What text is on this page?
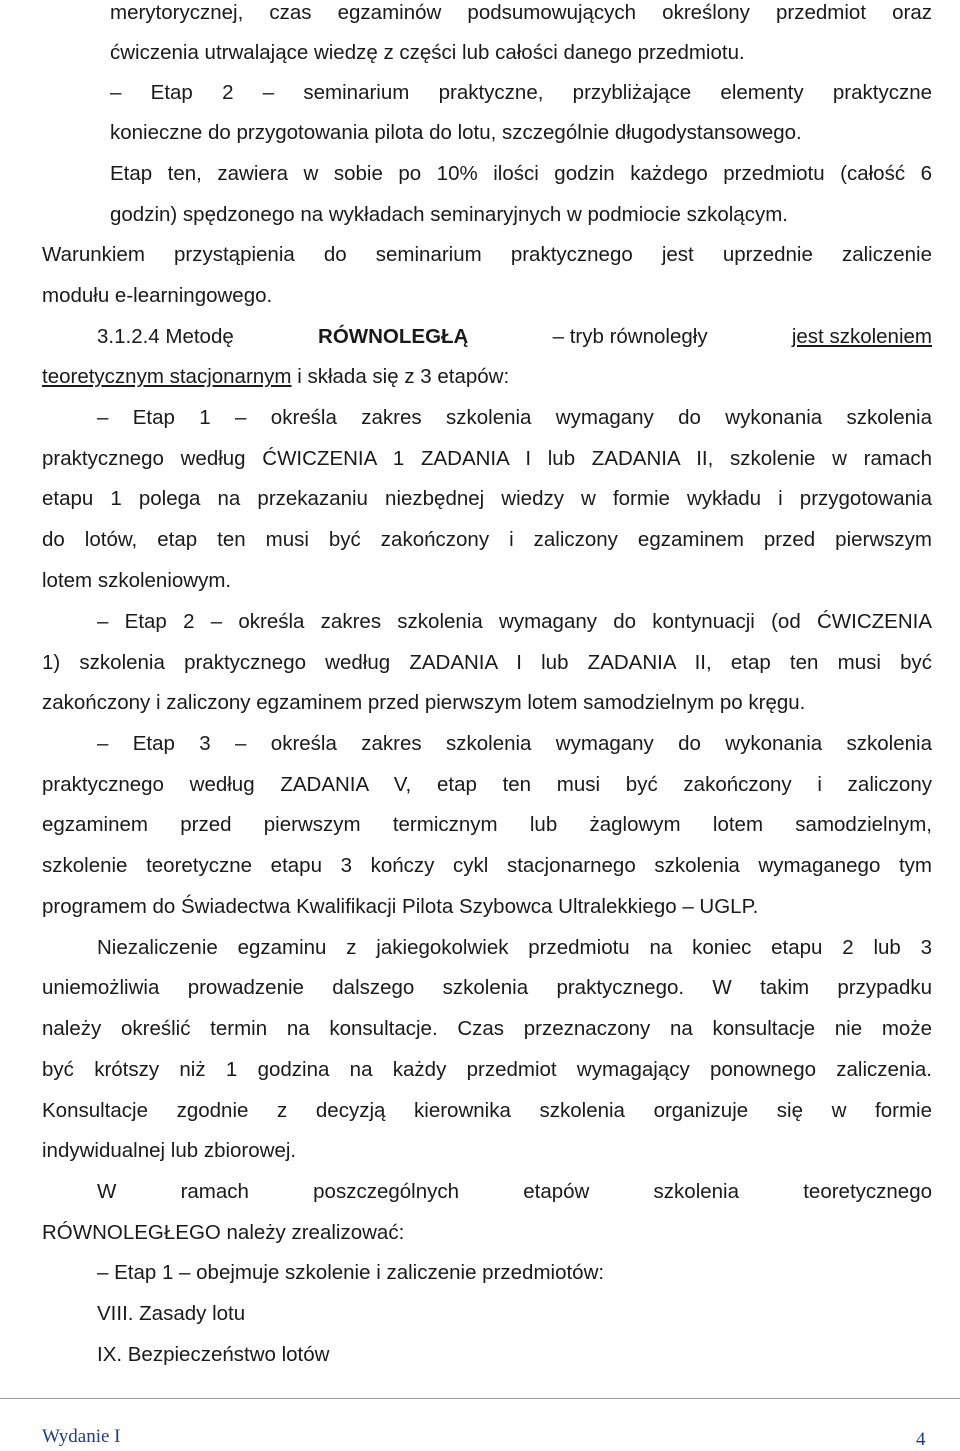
merytorycznej, czas egzaminów podsumowujących określony przedmiot oraz

ćwiczenia utrwalające wiedzę z części lub całości danego przedmiotu.

– Etap 2 – seminarium praktyczne, przybliżające elementy praktyczne

konieczne do przygotowania pilota do lotu, szczególnie długodystansowego.

Etap ten, zawiera w sobie po 10% ilości godzin każdego przedmiotu (całość 6

godzin) spędzonego na wykładach seminaryjnych w podmiocie szkolącym.

Warunkiem przystąpienia do seminarium praktycznego jest uprzednie zaliczenie

modułu e-learningowego.

3.1.2.4 Metodę	RÓWNOLEGŁĄ	– tryb równoległy	jest szkoleniem
teoretycznym stacjonarnym i składa się z 3 etapów:

– Etap 1 – określa zakres szkolenia wymagany do wykonania szkolenia

praktycznego według ĆWICZENIA 1 ZADANIA I lub ZADANIA II, szkolenie w ramach

etapu 1 polega na przekazaniu niezbędnej wiedzy w formie wykładu i przygotowania

do lotów, etap ten musi być zakończony i zaliczony egzaminem przed pierwszym

lotem szkoleniowym.

– Etap 2 – określa zakres szkolenia wymagany do kontynuacji (od ĆWICZENIA

1) szkolenia praktycznego według ZADANIA I lub ZADANIA II, etap ten musi być

zakończony i zaliczony egzaminem przed pierwszym lotem samodzielnym po kręgu.

– Etap 3 – określa zakres szkolenia wymagany do wykonania szkolenia

praktycznego według ZADANIA V, etap ten musi być zakończony i zaliczony

egzaminem przed pierwszym termicznym lub żaglowym lotem samodzielnym,

szkolenie teoretyczne etapu 3 kończy cykl stacjonarnego szkolenia wymaganego tym

programem do Świadectwa Kwalifikacji Pilota Szybowca Ultralekkiego – UGLP.

Niezaliczenie egzaminu z jakiegokolwiek przedmiotu na koniec etapu 2 lub 3

uniemożliwia prowadzenie dalszego szkolenia praktycznego. W takim przypadku

należy określić termin na konsultacje. Czas przeznaczony na konsultacje nie może

być krótszy niż 1 godzina na każdy przedmiot wymagający ponownego zaliczenia.

Konsultacje zgodnie z decyzją kierownika szkolenia organizuje się w formie

indywidualnej lub zbiorowej.

W ramach poszczególnych etapów szkolenia teoretycznego

RÓWNOLEGŁEGO należy zrealizować:

– Etap 1 – obejmuje szkolenie i zaliczenie przedmiotów:

VIII. Zasady lotu

IX. Bezpieczeństwo lotów

Wydanie I	4
